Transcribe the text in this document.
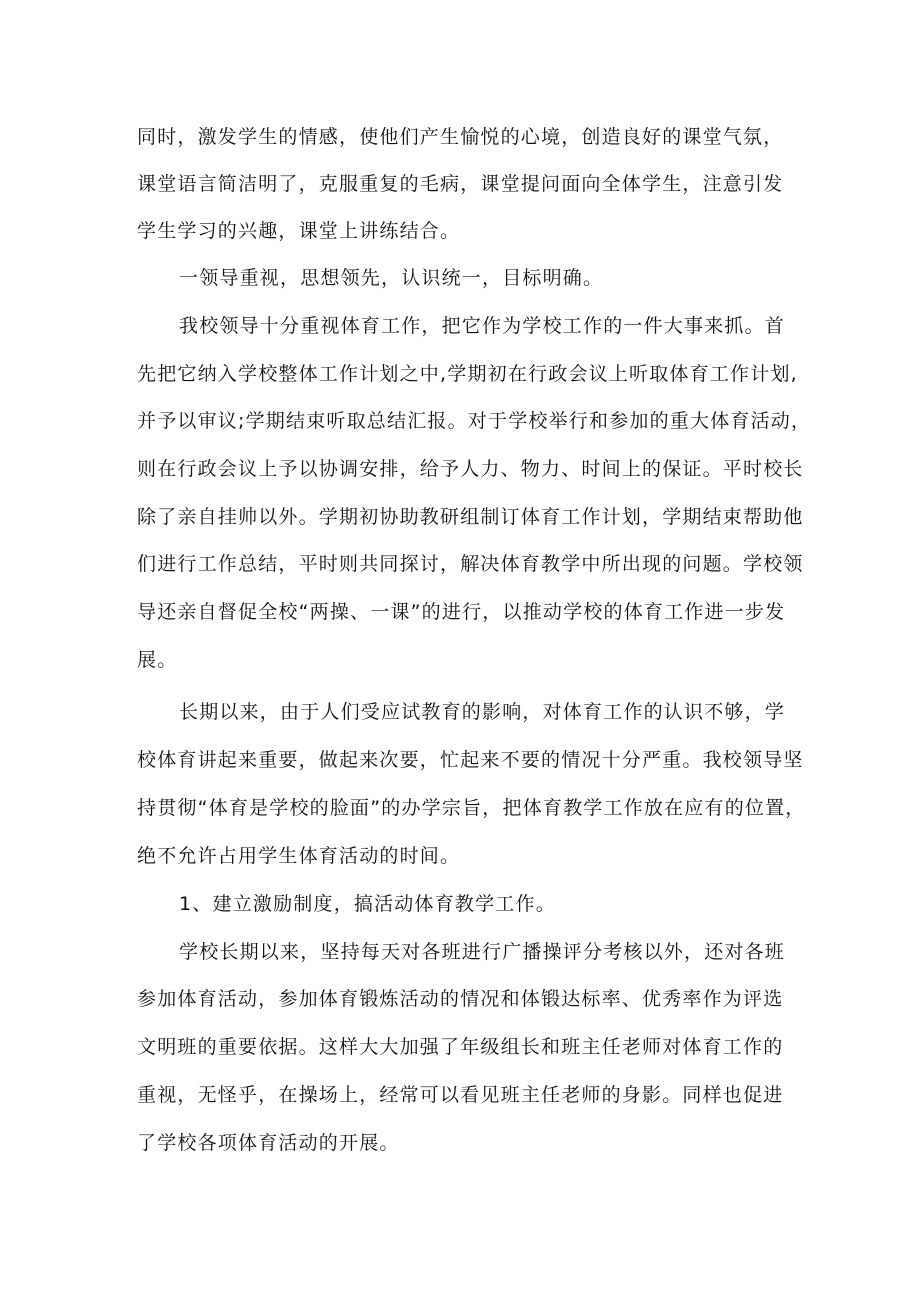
同时，激发学生的情感，使他们产生愉悦的心境，创造良好的课堂气氛，

课堂语言简洁明了，克服重复的毛病，课堂提问面向全体学生，注意引发

学生学习的兴趣，课堂上讲练结合。

一领导重视，思想领先，认识统一，目标明确。

我校领导十分重视体育工作，把它作为学校工作的一件大事来抓。首

先把它纳入学校整体工作计划之中,学期初在行政会议上听取体育工作计划,

并予以审议;学期结束听取总结汇报。对于学校举行和参加的重大体育活动，

则在行政会议上予以协调安排，给予人力、物力、时间上的保证。平时校长

除了亲自挂帅以外。学期初协助教研组制订体育工作计划，学期结束帮助他

们进行工作总结，平时则共同探讨，解决体育教学中所出现的问题。学校领

导还亲自督促全校“两操、一课”的进行，以推动学校的体育工作进一步发

展。

长期以来，由于人们受应试教育的影响，对体育工作的认识不够，学

校体育讲起来重要，做起来次要，忙起来不要的情况十分严重。我校领导坚

持贯彻“体育是学校的脸面”的办学宗旨，把体育教学工作放在应有的位置，

绝不允许占用学生体育活动的时间。

1、建立激励制度，搞活动体育教学工作。

学校长期以来，坚持每天对各班进行广播操评分考核以外，还对各班

参加体育活动，参加体育锻炼活动的情况和体锻达标率、优秀率作为评选

文明班的重要依据。这样大大加强了年级组长和班主任老师对体育工作的

重视，无怪乎，在操场上，经常可以看见班主任老师的身影。同样也促进

了学校各项体育活动的开展。
